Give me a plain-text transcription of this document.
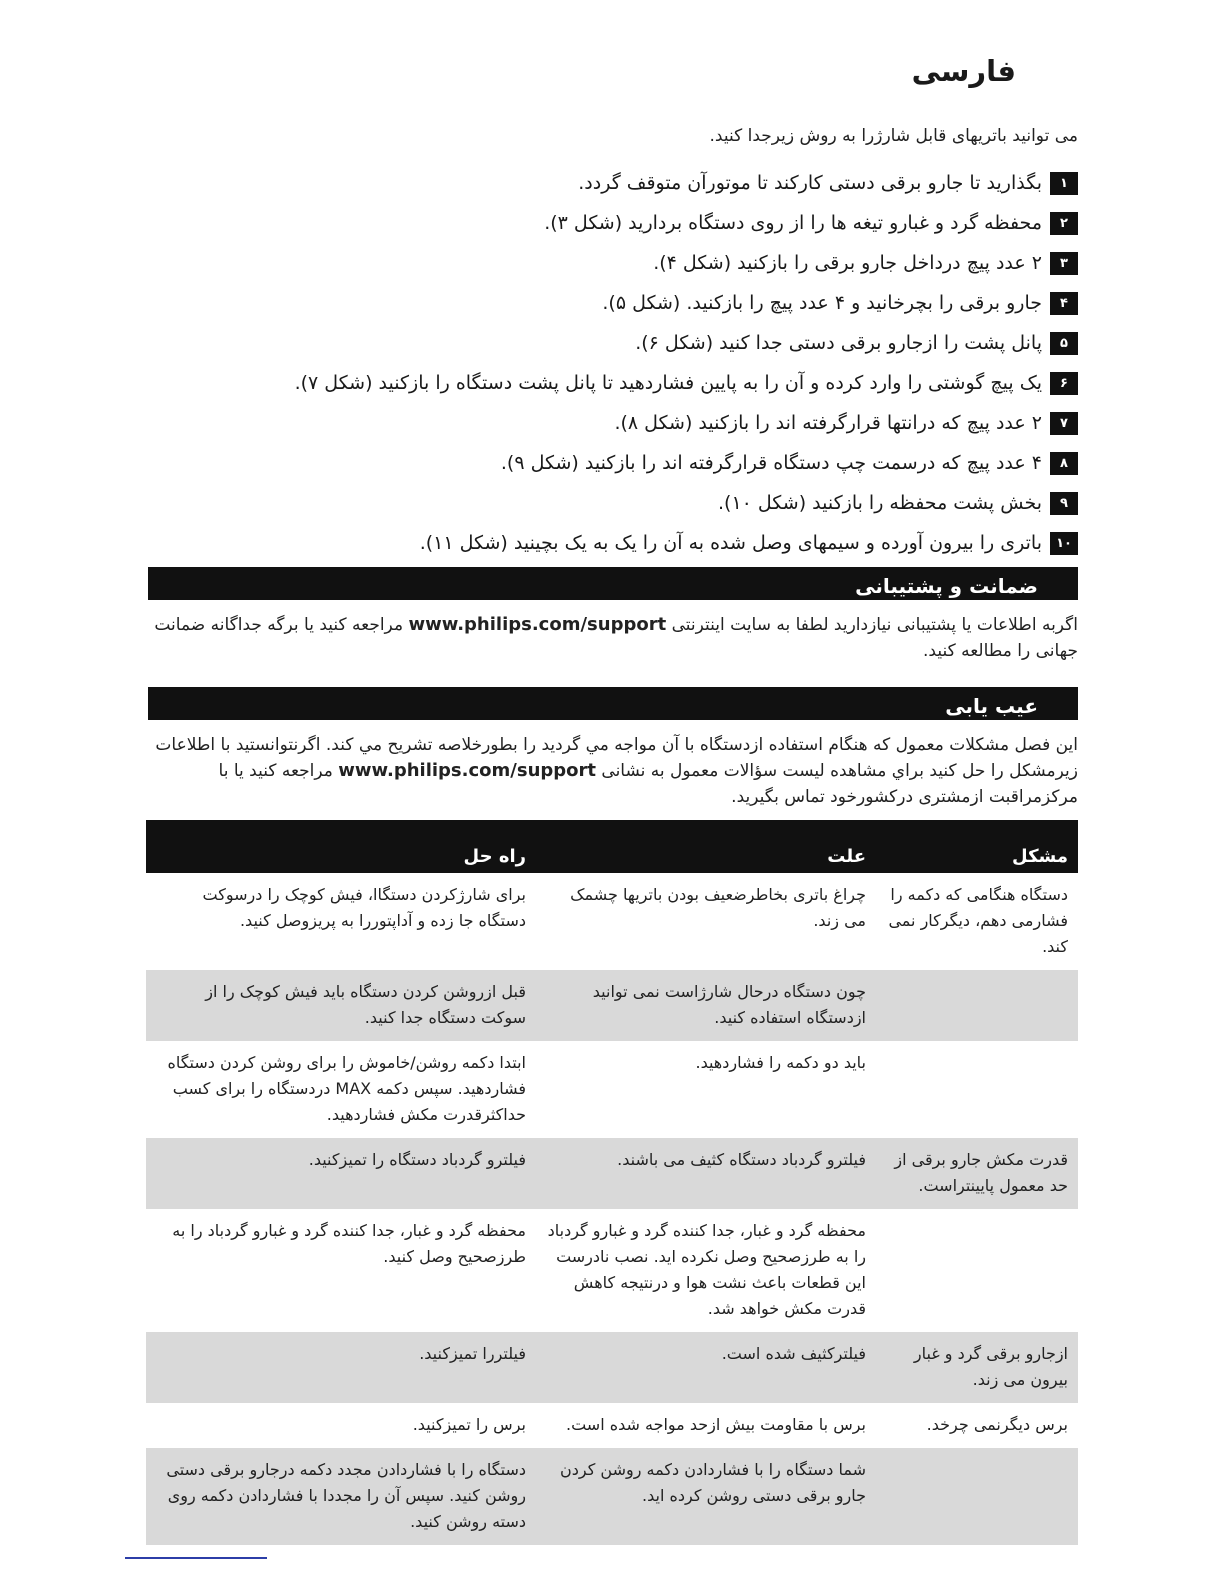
فارسی

می توانید باتریهای قابل شارژرا به روش زیرجدا کنید.

۱
بگذارید تا جارو برقی دستی کارکند تا موتورآن متوقف گردد.
۲
محفظه گرد و غبارو تیغه ها را از روی دستگاه بردارید (شکل ۳).
۳
۲ عدد پیچ درداخل جارو برقی را بازکنید (شکل ۴).
۴
جارو برقی را بچرخانید و ۴ عدد پیچ را بازکنید. (شکل ۵).
۵
پانل پشت را ازجارو برقی دستی جدا کنید (شکل ۶).
۶
یک پیچ گوشتی را وارد کرده و آن را به پایین فشاردهید تا پانل پشت دستگاه را بازکنید (شکل ۷).
۷
۲ عدد پیچ که درانتها قرارگرفته اند را بازکنید (شکل ۸).
۸
۴ عدد پیچ که درسمت چپ دستگاه قرارگرفته اند را بازکنید (شکل ۹).
۹
بخش پشت محفظه را بازکنید (شکل ۱۰).
۱۰
باتری را بیرون آورده و سیمهای وصل شده به آن را یک به یک بچینید (شکل ۱۱).
ضمانت و پشتیبانی

اگربه اطلاعات یا پشتیبانی نیازدارید لطفا به سایت اینترنتی www.philips.com/support مراجعه کنید یا برگه جداگانه ضمانت جهانی را مطالعه کنید.

عیب یابی

این فصل مشکلات معمول که هنگام استفاده ازدستگاه با آن مواجه مي گرديد را بطورخلاصه تشریح مي كند. اگرنتوانستيد با اطلاعات زيرمشكل را حل كنيد براي مشاهده ليست سؤالات معمول به نشانی www.philips.com/support مراجعه كنيد يا با مرکزمراقبت ازمشتری درکشورخود تماس بگيريد.

مشکل	علت	راه حل
دستگاه هنگامی که دکمه را فشارمی دهم، دیگرکار نمی کند.	چراغ باتری بخاطرضعیف بودن باتریها چشمک می زند.	برای شارژکردن دستگاا، فیش کوچک را درسوکت دستگاه جا زده و آداپتوررا به پریزوصل کنید.
	چون دستگاه درحال شارژاست نمی توانید ازدستگاه استفاده کنید.	قبل ازروشن کردن دستگاه باید فیش کوچک را از سوکت دستگاه جدا کنید.
	باید دو دکمه را فشاردهید.	ابتدا دکمه روشن/خاموش را برای روشن کردن دستگاه فشاردهید. سپس دکمه MAX دردستگاه را برای کسب حداکثرقدرت مکش فشاردهید.
قدرت مکش جارو برقی از حد معمول پایینتراست.	فیلترو گردباد دستگاه کثیف می باشند.	فیلترو گردباد دستگاه را تمیزکنید.
	محفظه گرد و غبار، جدا کننده گرد و غبارو گردباد را به طرزصحیح وصل نکرده اید. نصب نادرست این قطعات باعث نشت هوا و درنتیجه کاهش قدرت مکش خواهد شد.	محفظه گرد و غبار، جدا کننده گرد و غبارو گردباد را به طرزصحیح وصل کنید.
ازجارو برقی گرد و غبار بیرون می زند.	فیلترکثیف شده است.	فیلتررا تمیزکنید.
برس دیگرنمی چرخد.	برس با مقاومت بیش ازحد مواجه شده است.	برس را تمیزکنید.
	شما دستگاه را با فشاردادن دکمه روشن کردن جارو برقی دستی روشن کرده اید.	دستگاه را با فشاردادن مجدد دکمه درجارو برقی دستی روشن کنید. سپس آن را مجددا با فشاردادن دکمه روی دسته روشن کنید.
